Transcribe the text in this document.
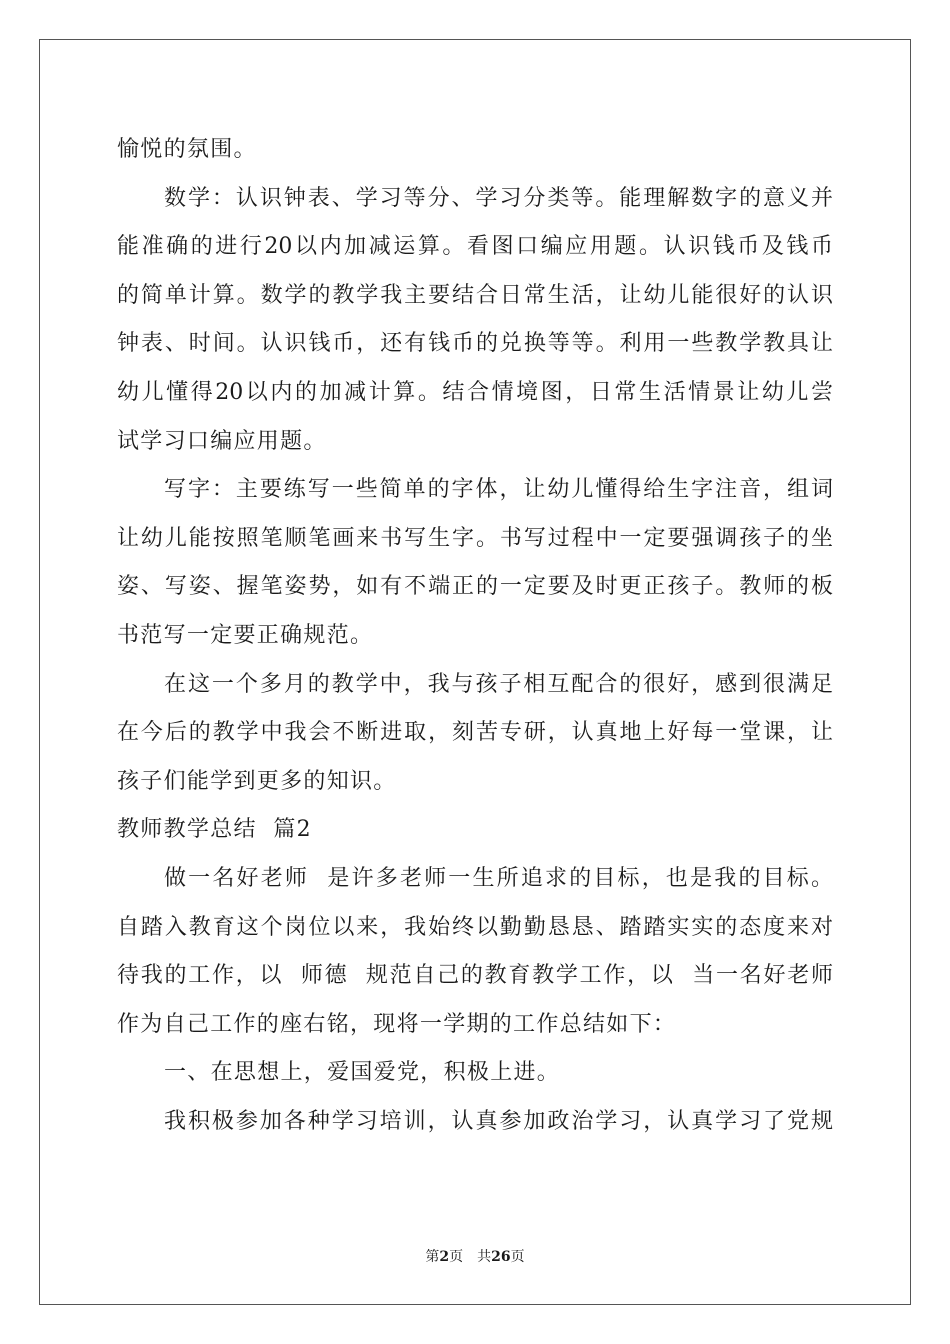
愉悦的氛围。
数学：认识钟表、学习等分、学习分类等。能理解数字的意义并
能准确的进行20以内加减运算。看图口编应用题。认识钱币及钱币
的简单计算。数学的教学我主要结合日常生活，让幼儿能很好的认识
钟表、时间。认识钱币，还有钱币的兑换等等。利用一些教学教具让
幼儿懂得20以内的加减计算。结合情境图，日常生活情景让幼儿尝
试学习口编应用题。
写字：主要练写一些简单的字体，让幼儿懂得给生字注音，组词
让幼儿能按照笔顺笔画来书写生字。书写过程中一定要强调孩子的坐
姿、写姿、握笔姿势，如有不端正的一定要及时更正孩子。教师的板
书范写一定要正确规范。
在这一个多月的教学中，我与孩子相互配合的很好，感到很满足
在今后的教学中我会不断进取，刻苦专研，认真地上好每一堂课，让
孩子们能学到更多的知识。
教师教学总结  篇2
做一名好老师  是许多老师一生所追求的目标，也是我的目标。
自踏入教育这个岗位以来，我始终以勤勤恳恳、踏踏实实的态度来对
待我的工作，以  师德  规范自己的教育教学工作，以  当一名好老师
作为自己工作的座右铭，现将一学期的工作总结如下：
一、在思想上，爱国爱党，积极上进。
我积极参加各种学习培训，认真参加政治学习，认真学习了党规
第2页 共26页
